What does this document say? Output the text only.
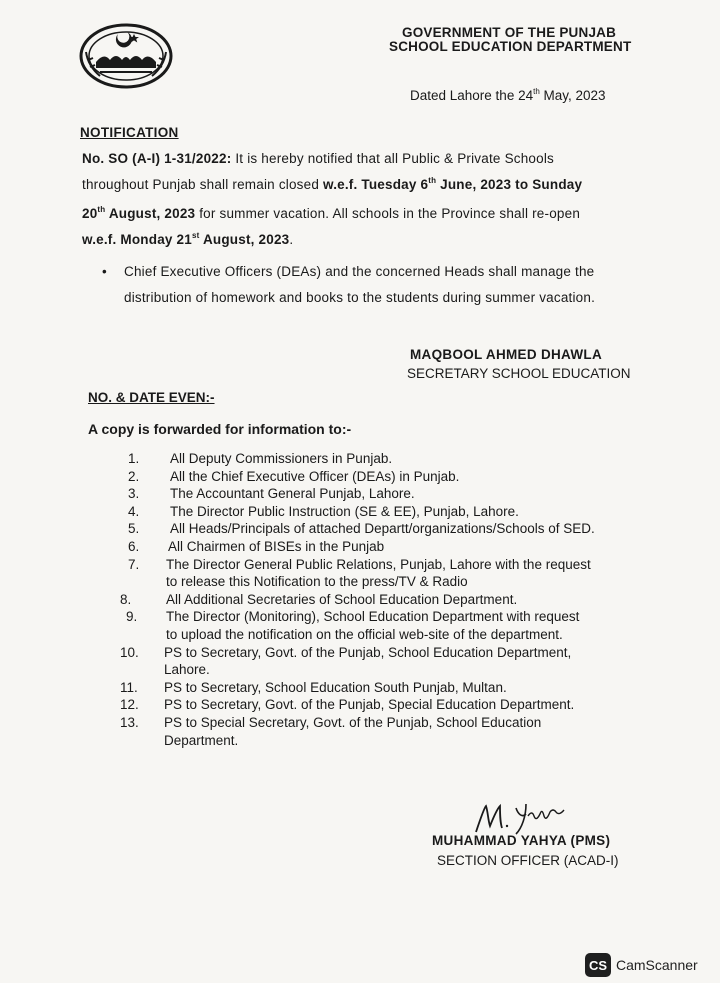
GOVERNMENT OF THE PUNJAB
SCHOOL EDUCATION DEPARTMENT
Dated Lahore the 24th May, 2023
NOTIFICATION
No. SO (A-I) 1-31/2022: It is hereby notified that all Public & Private Schools
throughout Punjab shall remain closed w.e.f. Tuesday 6th June, 2023 to Sunday
20th August, 2023 for summer vacation. All schools in the Province shall re-open
w.e.f. Monday 21st August, 2023.
• Chief Executive Officers (DEAs) and the concerned Heads shall manage the
distribution of homework and books to the students during summer vacation.
MAQBOOL AHMED DHAWLA
SECRETARY SCHOOL EDUCATION
NO. & DATE EVEN:-
A copy is forwarded for information to:-
1. All Deputy Commissioners in Punjab.
2. All the Chief Executive Officer (DEAs) in Punjab.
3. The Accountant General Punjab, Lahore.
4. The Director Public Instruction (SE & EE), Punjab, Lahore.
5. All Heads/Principals of attached Departt/organizations/Schools of SED.
6. All Chairmen of BISEs in the Punjab
7. The Director General Public Relations, Punjab, Lahore with the request
to release this Notification to the press/TV & Radio
8.	All Additional Secretaries of School Education Department.
9. The Director (Monitoring), School Education Department with request
to upload the notification on the official web-site of the department.
10. PS to Secretary, Govt. of the Punjab, School Education Department,
Lahore.
11. PS to Secretary, School Education South Punjab, Multan.
12. PS to Secretary, Govt. of the Punjab, Special Education Department.
13. PS to Special Secretary, Govt. of the Punjab, School Education
Department.
MUHAMMAD YAHYA (PMS)
SECTION OFFICER (ACAD-I)
CS CamScanner
